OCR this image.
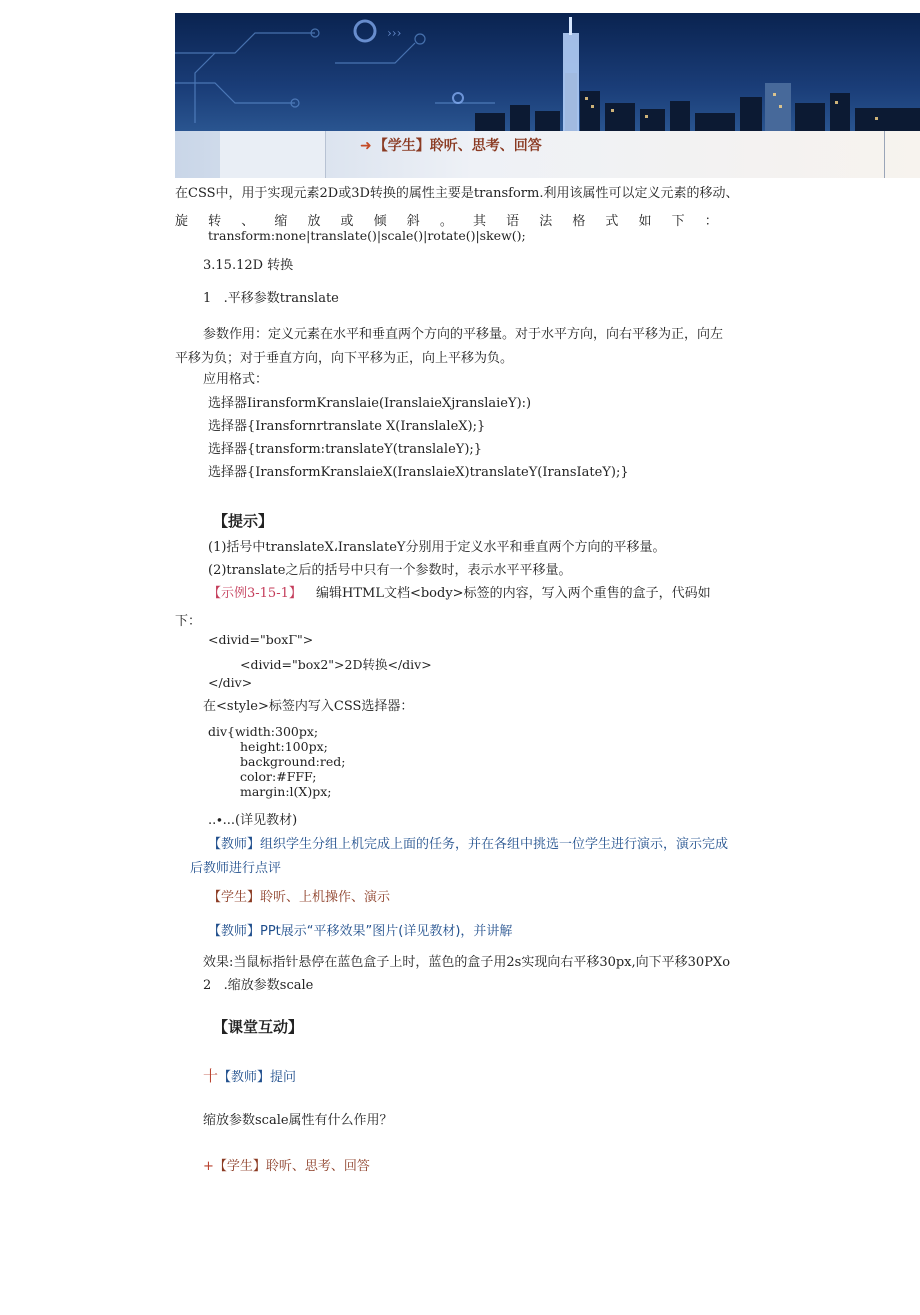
›››
➜ 【学生】聆听、思考、回答
在CSS中，用于实现元素2D或3D转换的属性主要是transform.利用该属性可以定义元素的移动、
旋 转 、 缩 放 或 倾 斜 。 其 语 法 格 式 如 下 ：
transform:none|translate()|scale()|rotate()|skew();
3.15.12D 转换
1   .平移参数translate
参数作用：定义元素在水平和垂直两个方向的平移量。对于水平方向，向右平移为正，向左
平移为负；对于垂直方向，向下平移为正，向上平移为负。
应用格式：
选择器IiransformKranslaie(IranslaieXjranslaieY):)
选择器{Iransfornrtranslate X(IranslaleX);}
选择器{transform:translateY(translaleY);}
选择器{IransformKranslaieX(IranslaieX)translateY(IransIateY);}
【提示】
(1)括号中translateX،IranslateY分别用于定义水平和垂直两个方向的平移量。
(2)translate之后的括号中只有一个参数时，表示水平平移量。
【示例3-15-1】 编辑HTML文档<body>标签的内容，写入两个重售的盒子，代码如
下：
<divid="boxΓ">
<divid="box2">2D转换</div>
</div>
在<style>标签内写入CSS选择器：
div{width:300px;
height:100px;
background:red;
color:#FFF;
margin:l(X)px;
..∙...(详见教材)
【教师】组织学生分组上机完成上面的任务，并在各组中挑选一位学生进行演示，演示完成
后教师进行点评
【学生】聆听、上机操作、演示
【教师】PPt展示“平移效果”图片(详见教材)，并讲解
效果:当鼠标指针悬停在蓝色盒子上时，蓝色的盒子用2s实现向右平移30px,向下平移30PXo
2   .缩放参数scale
【课堂互动】
十【教师】提问
缩放参数scale属性有什么作用？
+【学生】聆听、思考、回答
